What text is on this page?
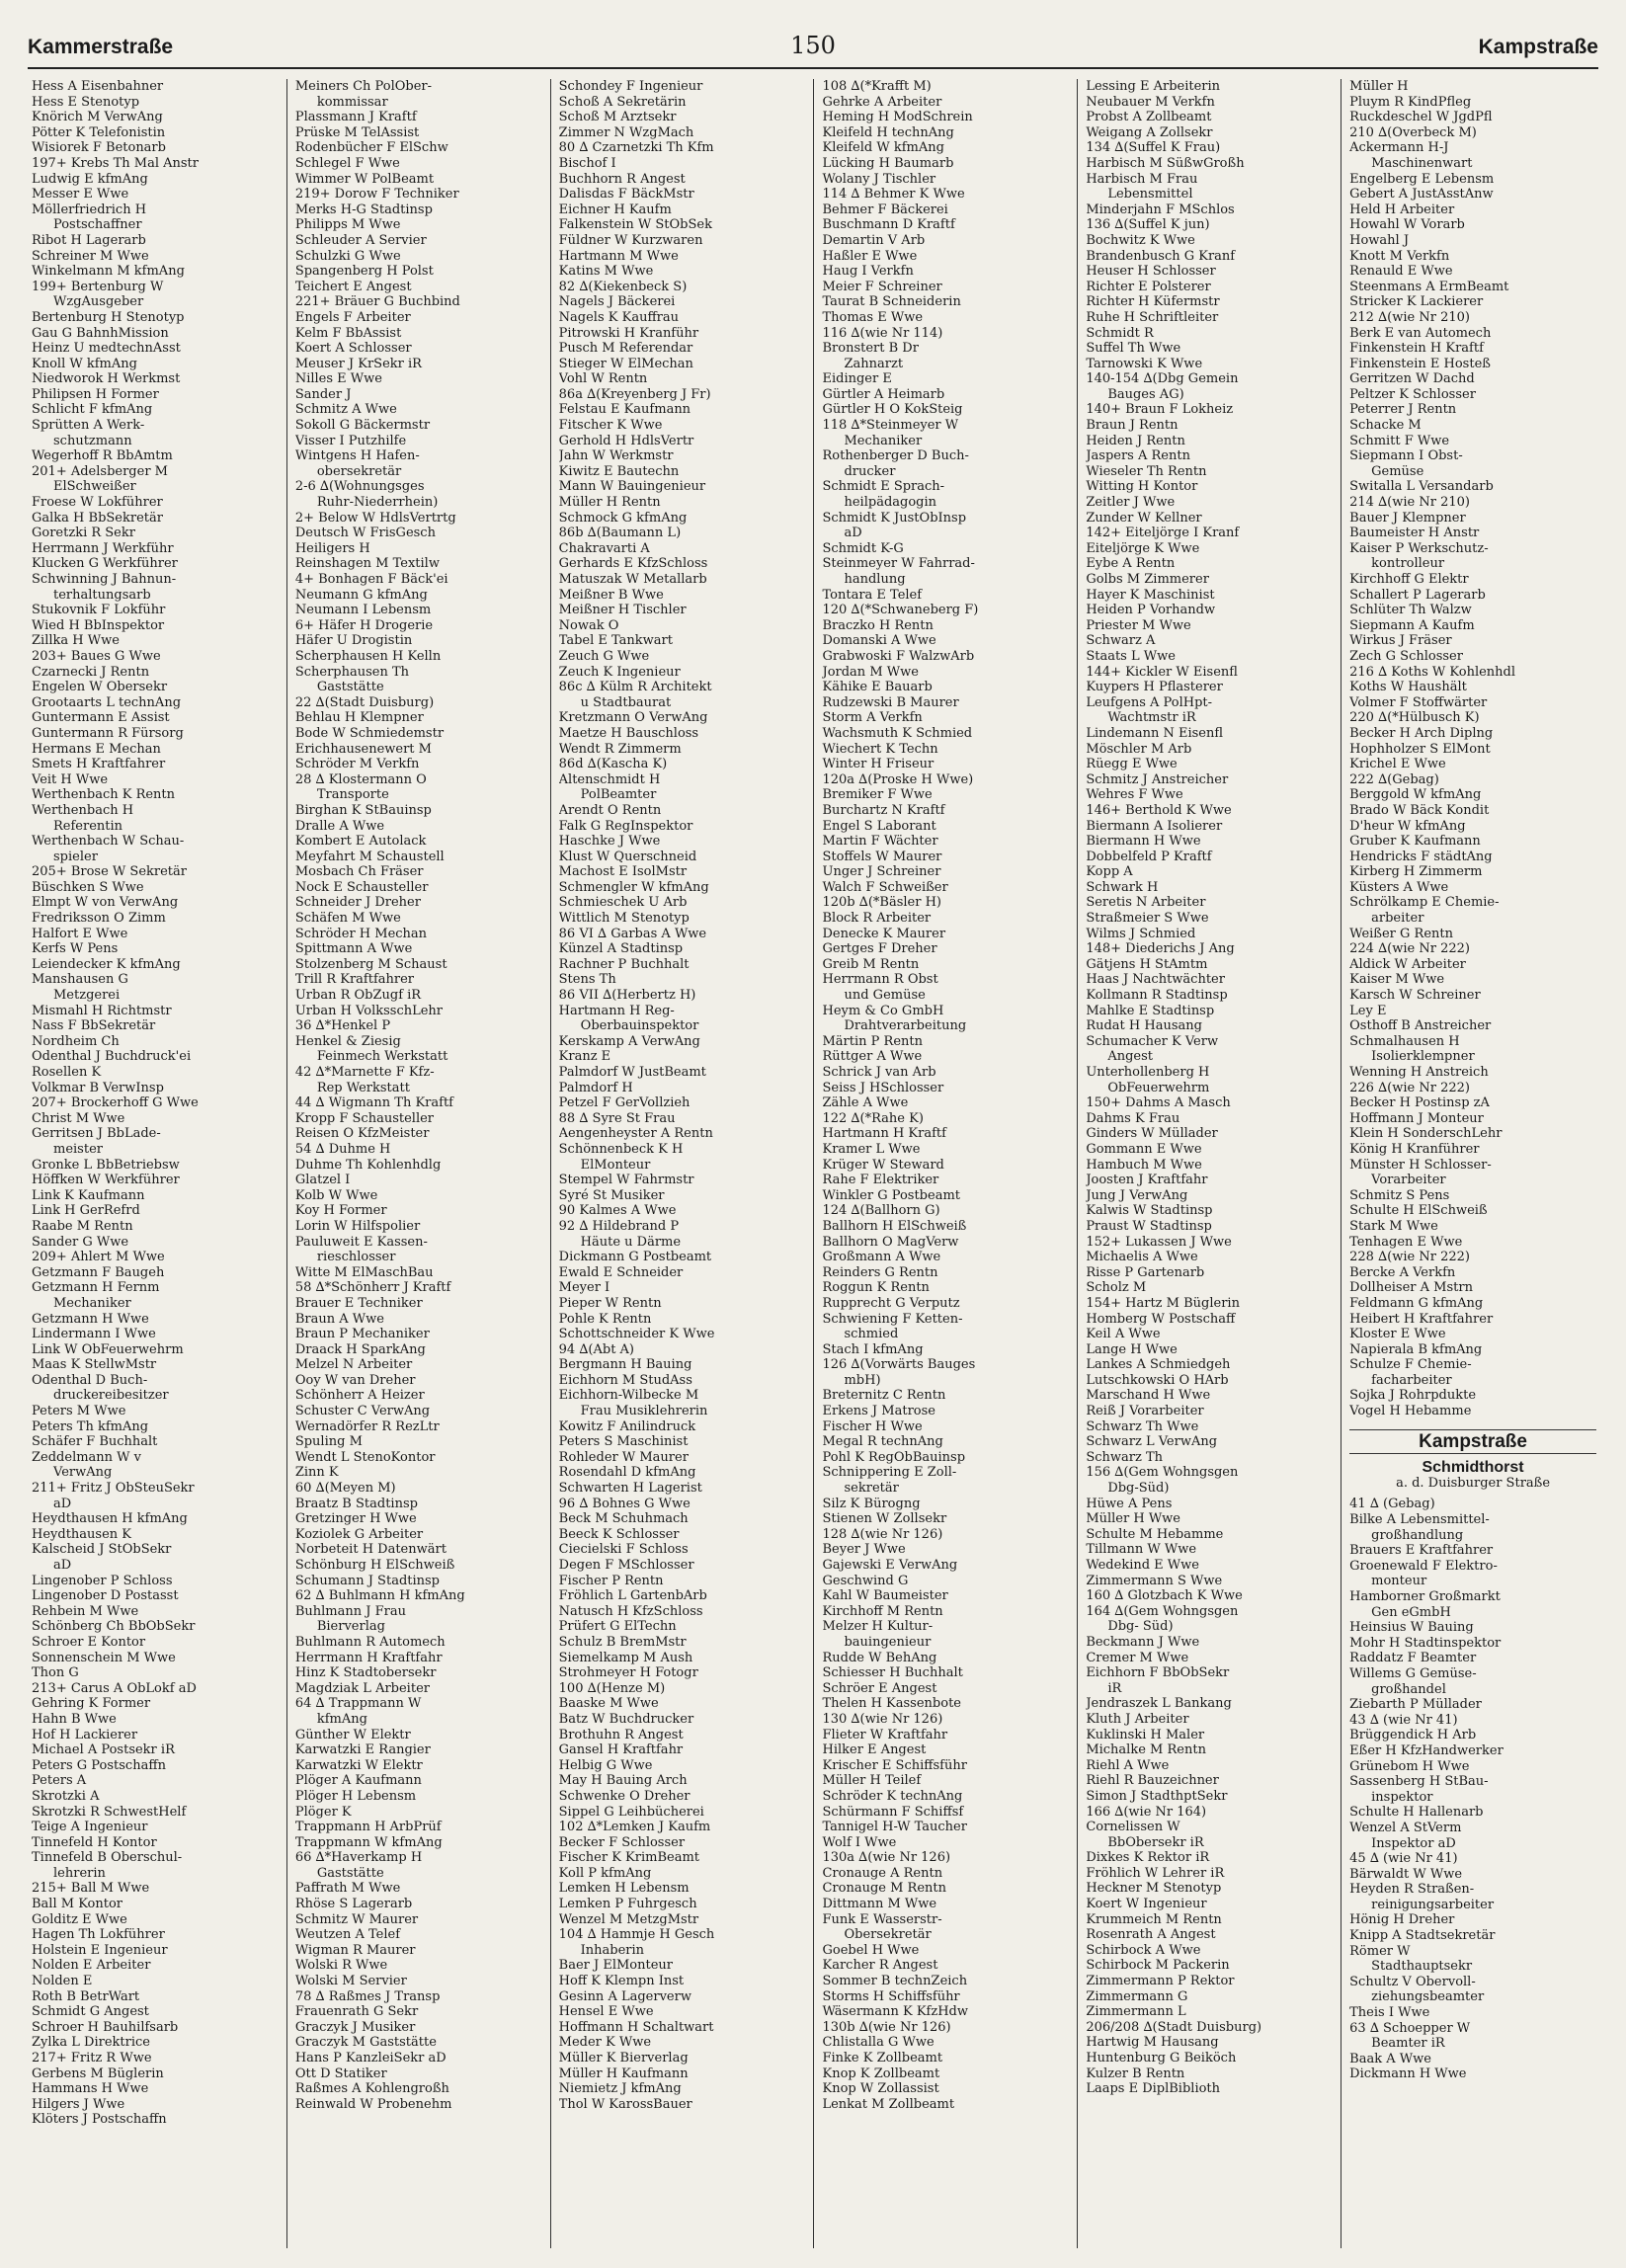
Kammerstraße	150	Kampstraße
Hess A Eisenbahner
Hess E Stenotyp
Knörich M VerwAng
Pötter K Telefonistin
Wisiorek F Betonarb
197+ Krebs Th Mal Anstr
Ludwig E kfmAng
Messer E Wwe
Möllerfriedrich H
Postschaffner
Ribot H Lagerarb
Schreiner M Wwe
Winkelmann M kfmAng
199+ Bertenburg W
WzgAusgeber
Bertenburg H Stenotyp
Gau G BahnhMission
Heinz U medtechnAsst
Knoll W kfmAng
Niedworok H Werkmst
Philipsen H Former
Schlicht F kfmAng
Sprütten A Werk-
schutzmann
Wegerhoff R BbAmtm
201+ Adelsberger M
ElSchweißer
Froese W Lokführer
Galka H BbSekretär
Goretzki R Sekr
Herrmann J Werkführ
Klucken G Werkführer
Schwinning J Bahnun-
terhaltungsarb
Stukovnik F Lokführ
Wied H BbInspektor
Zillka H Wwe
203+ Baues G Wwe
Czarnecki J Rentn
Engelen W Obersekr
Grootaarts L technAng
Guntermann E Assist
Guntermann R Fürsorg
Hermans E Mechan
Smets H Kraftfahrer
Veit H Wwe
Werthenbach K Rentn
Werthenbach H
Referentin
Werthenbach W Schau-
spieler
205+ Brose W Sekretär
Büschken S Wwe
Elmpt W von VerwAng
Fredriksson O Zimm
Halfort E Wwe
Kerfs W Pens
Leiendecker K kfmAng
Manshausen G
Metzgerei
Mismahl H Richtmstr
Nass F BbSekretär
Nordheim Ch
Odenthal J Buchdruck'ei
Rosellen K
Volkmar B VerwInsp
207+ Brockerhoff G Wwe
Christ M Wwe
Gerritsen J BbLade-
meister
Gronke L BbBetriebsw
Höffken W Werkführer
Link K Kaufmann
Link H GerRefrd
Raabe M Rentn
Sander G Wwe
209+ Ahlert M Wwe
Getzmann F Baugeh
Getzmann H Fernm
Mechaniker
Getzmann H Wwe
Lindermann I Wwe
Link W ObFeuerwehrm
Maas K StellwMstr
Odenthal D Buch-
druckereibesitzer
Peters M Wwe
Peters Th kfmAng
Schäfer F Buchhalt
Zeddelmann W v
VerwAng
211+ Fritz J ObSteuSekr
aD
Heydthausen H kfmAng
Heydthausen K
Kalscheid J StObSekr
aD
Lingenober P Schloss
Lingenober D Postasst
Rehbein M Wwe
Schönberg Ch BbObSekr
Schroer E Kontor
Sonnenschein M Wwe
Thon G
213+ Carus A ObLokf aD
Gehring K Former
Hahn B Wwe
Hof H Lackierer
Michael A Postsekr iR
Peters G Postschaffn
Peters A
Skrotzki A
Skrotzki R SchwestHelf
Teige A Ingenieur
Tinnefeld H Kontor
Tinnefeld B Oberschul-
lehrerin
215+ Ball M Wwe
Ball M Kontor
Golditz E Wwe
Hagen Th Lokführer
Holstein E Ingenieur
Nolden E Arbeiter
Nolden E
Roth B BetrWart
Schmidt G Angest
Schroer H Bauhilfsarb
Zylka L Direktrice
217+ Fritz R Wwe
Gerbens M Büglerin
Hammans H Wwe
Hilgers J Wwe
Klöters J Postschaffn
Meiners Ch PolOber-
kommissar
Plassmann J Kraftf
Prüske M TelAssist
Rodenbücher F ElSchw
Schlegel F Wwe
Wimmer W PolBeamt
219+ Dorow F Techniker
Merks H-G Stadtinsp
Philipps M Wwe
Schleuder A Servier
Schulzki G Wwe
Spangenberg H Polst
Teichert E Angest
221+ Bräuer G Buchbind
Engels F Arbeiter
Kelm F BbAssist
Koert A Schlosser
Meuser J KrSekr iR
Nilles E Wwe
Sander J
Schmitz A Wwe
Sokoll G Bäckermstr
Visser I Putzhilfe
Wintgens H Hafen-
obersekretär
2-6 ∆(Wohnungsges
Ruhr-Niederrhein)
2+ Below W HdlsVertrtg
Deutsch W FrisGesch
Heiligers H
Reinshagen M Textilw
4+ Bonhagen F Bäck'ei
Neumann G kfmAng
Neumann I Lebensm
6+ Häfer H Drogerie
Häfer U Drogistin
Scherphausen H Kelln
Scherphausen Th
Gaststätte
22 ∆(Stadt Duisburg)
Behlau H Klempner
Bode W Schmiedemstr
Erichhausenewert M
Schröder M Verkfn
28 ∆ Klostermann O
Transporte
Birghan K StBauinsp
Dralle A Wwe
Kombert E Autolack
Meyfahrt M Schaustell
Mosbach Ch Fräser
Nock E Schausteller
Schneider J Dreher
Schäfen M Wwe
Schröder H Mechan
Spittmann A Wwe
Stolzenberg M Schaust
Trill R Kraftfahrer
Urban R ObZugf iR
Urban H VolksschLehr
36 ∆*Henkel P
Henkel & Ziesig
Feinmech Werkstatt
42 ∆*Marnette F Kfz-
Rep Werkstatt
44 ∆ Wigmann Th Kraftf
Kropp F Schausteller
Reisen O KfzMeister
54 ∆ Duhme H
Duhme Th Kohlenhdlg
Glatzel I
Kolb W Wwe
Koy H Former
Lorin W Hilfspolier
Pauluweit E Kassen-
rieschlosser
Witte M ElMaschBau
58 ∆*Schönherr J Kraftf
Brauer E Techniker
Braun A Wwe
Braun P Mechaniker
Draack H SparkAng
Melzel N Arbeiter
Ooy W van Dreher
Schönherr A Heizer
Schuster C VerwAng
Wernadörfer R RezLtr
Spuling M
Wendt L StenoKontor
Zinn K
60 ∆(Meyen M)
Braatz B Stadtinsp
Gretzinger H Wwe
Koziolek G Arbeiter
Norbeteit H Datenwärt
Schönburg H ElSchweiß
Schumann J Stadtinsp
62 ∆ Buhlmann H kfmAng
Buhlmann J Frau
Bierverlag
Buhlmann R Automech
Herrmann H Kraftfahr
Hinz K Stadtobersekr
Magdziak L Arbeiter
64 ∆ Trappmann W
kfmAng
Günther W Elektr
Karwatzki E Rangier
Karwatzki W Elektr
Plöger A Kaufmann
Plöger H Lebensm
Plöger K
Trappmann H ArbPrüf
Trappmann W kfmAng
66 ∆*Haverkamp H
Gaststätte
Paffrath M Wwe
Rhöse S Lagerarb
Schmitz W Maurer
Weutzen A Telef
Wigman R Maurer
Wolski R Wwe
Wolski M Servier
78 ∆ Raßmes J Transp
Frauenrath G Sekr
Graczyk J Musiker
Graczyk M Gaststätte
Hans P KanzleiSekr aD
Ott D Statiker
Raßmes A Kohlengroßh
Reinwald W Probenehm
Schondey F Ingenieur
Schoß A Sekretärin
Schoß M Arztsekr
Zimmer N WzgMach
80 ∆ Czarnetzki Th Kfm
Bischof I
Buchhorn R Angest
Dalisdas F BäckMstr
Eichner H Kaufm
Falkenstein W StObSek
Füldner W Kurzwaren
Hartmann M Wwe
Katins M Wwe
82 ∆(Kiekenbeck S)
Nagels J Bäckerei
Nagels K Kauffrau
Pitrowski H Kranführ
Pusch M Referendar
Stieger W ElMechan
Vohl W Rentn
86a ∆(Kreyenberg J Fr)
Felstau E Kaufmann
Fitscher K Wwe
Gerhold H HdlsVertr
Jahn W Werkmstr
Kiwitz E Bautechn
Mann W Bauingenieur
Müller H Rentn
Schmock G kfmAng
86b ∆(Baumann L)
Chakravarti A
Gerhards E KfzSchloss
Matuszak W Metallarb
Meißner B Wwe
Meißner H Tischler
Nowak O
Tabel E Tankwart
Zeuch G Wwe
Zeuch K Ingenieur
86c ∆ Külm R Architekt
u Stadtbaurat
Kretzmann O VerwAng
Maetze H Bauschloss
Wendt R Zimmerm
86d ∆(Kascha K)
Altenschmidt H
PolBeamter
Arendt O Rentn
Falk G RegInspektor
Haschke J Wwe
Klust W Querschneid
Machost E IsolMstr
Schmengler W kfmAng
Schmieschek U Arb
Wittlich M Stenotyp
86 VI ∆ Garbas A Wwe
Künzel A Stadtinsp
Rachner P Buchhalt
Stens Th
86 VII ∆(Herbertz H)
Hartmann H Reg-
Oberbauinspektor
Kerskamp A VerwAng
Kranz E
Palmdorf W JustBeamt
Palmdorf H
Petzel F GerVollzieh
88 ∆ Syre St Frau
Aengenheyster A Rentn
Schönnenbeck K H
ElMonteur
Stempel W Fahrmstr
Syré St Musiker
90 Kalmes A Wwe
92 ∆ Hildebrand P
Häute u Därme
Dickmann G Postbeamt
Ewald E Schneider
Meyer I
Pieper W Rentn
Pohle K Rentn
Schottschneider K Wwe
94 ∆(Abt A)
Bergmann H Bauing
Eichhorn M StudAss
Eichhorn-Wilbecke M
Frau Musiklehrerin
Kowitz F Anilindruck
Peters S Maschinist
Rohleder W Maurer
Rosendahl D kfmAng
Schwarten H Lagerist
96 ∆ Bohnes G Wwe
Beck M Schuhmach
Beeck K Schlosser
Ciecielski F Schloss
Degen F MSchlosser
Fischer P Rentn
Fröhlich L GartenbArb
Natusch H KfzSchloss
Prüfert G ElTechn
Schulz B BremMstr
Siemelkamp M Aush
Strohmeyer H Fotogr
100 ∆(Henze M)
Baaske M Wwe
Batz W Buchdrucker
Brothuhn R Angest
Gansel H Kraftfahr
Helbig G Wwe
May H Bauing Arch
Schwenke O Dreher
Sippel G Leihbücherei
102 ∆*Lemken J Kaufm
Becker F Schlosser
Fischer K KrimBeamt
Koll P kfmAng
Lemken H Lebensm
Lemken P Fuhrgesch
Wenzel M MetzgMstr
104 ∆ Hammje H Gesch
Inhaberin
Baer J ElMonteur
Hoff K Klempn Inst
Gesinn A Lagerverw
Hensel E Wwe
Hoffmann H Schaltwart
Meder K Wwe
Müller K Bierverlag
Müller H Kaufmann
Niemietz J kfmAng
Thol W KarossBauer
108 ∆(*Krafft M)
Gehrke A Arbeiter
Heming H ModSchrein
Kleifeld H technAng
Kleifeld W kfmAng
Lücking H Baumarb
Wolany J Tischler
114 ∆ Behmer K Wwe
Behmer F Bäckerei
Buschmann D Kraftf
Demartin V Arb
Haßler E Wwe
Haug I Verkfn
Meier F Schreiner
Taurat B Schneiderin
Thomas E Wwe
116 ∆(wie Nr 114)
Bronstert B Dr
Zahnarzt
Eidinger E
Gürtler A Heimarb
Gürtler H O KokSteig
118 ∆*Steinmeyer W
Mechaniker
Rothenberger D Buch-
drucker
Schmidt E Sprach-
heilpädagogin
Schmidt K JustObInsp
aD
Schmidt K-G
Steinmeyer W Fahrrad-
handlung
Tontara E Telef
120 ∆(*Schwaneberg F)
Braczko H Rentn
Domanski A Wwe
Grabwoski F WalzwArb
Jordan M Wwe
Kähike E Bauarb
Rudzewski B Maurer
Storm A Verkfn
Wachsmuth K Schmied
Wiechert K Techn
Winter H Friseur
120a ∆(Proske H Wwe)
Bremiker F Wwe
Burchartz N Kraftf
Engel S Laborant
Martin F Wächter
Stoffels W Maurer
Unger J Schreiner
Walch F Schweißer
120b ∆(*Bäsler H)
Block R Arbeiter
Denecke K Maurer
Gertges F Dreher
Greib M Rentn
Herrmann R Obst
und Gemüse
Heym & Co GmbH
Drahtverarbeitung
Märtin P Rentn
Rüttger A Wwe
Schrick J van Arb
Seiss J HSchlosser
Zähle A Wwe
122 ∆(*Rahe K)
Hartmann H Kraftf
Kramer L Wwe
Krüger W Steward
Rahe F Elektriker
Winkler G Postbeamt
124 ∆(Ballhorn G)
Ballhorn H ElSchweiß
Ballhorn O MagVerw
Großmann A Wwe
Reinders G Rentn
Roggun K Rentn
Rupprecht G Verputz
Schwiening F Ketten-
schmied
Stach I kfmAng
126 ∆(Vorwärts Bauges
mbH)
Breternitz C Rentn
Erkens J Matrose
Fischer H Wwe
Megal R technAng
Pohl K RegObBauinsp
Schnippering E Zoll-
sekretär
Silz K Bürogng
Stienen W Zollsekr
128 ∆(wie Nr 126)
Beyer J Wwe
Gajewski E VerwAng
Geschwind G
Kahl W Baumeister
Kirchhoff M Rentn
Melzer H Kultur-
bauingenieur
Rudde W BehAng
Schiesser H Buchhalt
Schröer E Angest
Thelen H Kassenbote
130 ∆(wie Nr 126)
Flieter W Kraftfahr
Hilker E Angest
Krischer E Schiffsführ
Müller H Teilef
Schröder K technAng
Schürmann F Schiffsf
Tannigel H-W Taucher
Wolf I Wwe
130a ∆(wie Nr 126)
Cronauge A Rentn
Cronauge M Rentn
Dittmann M Wwe
Funk E Wasserstr-
Obersekretär
Goebel H Wwe
Karcher R Angest
Sommer B technZeich
Storms H Schiffsführ
Wäsermann K KfzHdw
130b ∆(wie Nr 126)
Chlistalla G Wwe
Finke K Zollbeamt
Knop K Zollbeamt
Knop W Zollassist
Lenkat M Zollbeamt
Lessing E Arbeiterin
Neubauer M Verkfn
Probst A Zollbeamt
Weigang A Zollsekr
134 ∆(Suffel K Frau)
Harbisch M SüßwGroßh
Harbisch M Frau
Lebensmittel
Minderjahn F MSchlos
136 ∆(Suffel K jun)
Bochwitz K Wwe
Brandenbusch G Kranf
Heuser H Schlosser
Richter E Polsterer
Richter H Küfermstr
Ruhe H Schriftleiter
Schmidt R
Suffel Th Wwe
Tarnowski K Wwe
140-154 ∆(Dbg Gemein
Bauges AG)
140+ Braun F Lokheiz
Braun J Rentn
Heiden J Rentn
Jaspers A Rentn
Wieseler Th Rentn
Witting H Kontor
Zeitler J Wwe
Zunder W Kellner
142+ Eiteljörge I Kranf
Eiteljörge K Wwe
Eybe A Rentn
Golbs M Zimmerer
Hayer K Maschinist
Heiden P Vorhandw
Priester M Wwe
Schwarz A
Staats L Wwe
144+ Kickler W Eisenfl
Kuypers H Pflasterer
Leufgens A PolHpt-
Wachtmstr iR
Lindemann N Eisenfl
Möschler M Arb
Rüegg E Wwe
Schmitz J Anstreicher
Wehres F Wwe
146+ Berthold K Wwe
Biermann A Isolierer
Biermann H Wwe
Dobbelfeld P Kraftf
Kopp A
Schwark H
Seretis N Arbeiter
Straßmeier S Wwe
Wilms J Schmied
148+ Diederichs J Ang
Gätjens H StAmtm
Haas J Nachtwächter
Kollmann R Stadtinsp
Mahlke E Stadtinsp
Rudat H Hausang
Schumacher K Verw
Angest
Unterhollenberg H
ObFeuerwehrm
150+ Dahms A Masch
Dahms K Frau
Ginders W Müllader
Gommann E Wwe
Hambuch M Wwe
Joosten J Kraftfahr
Jung J VerwAng
Kalwis W Stadtinsp
Praust W Stadtinsp
152+ Lukassen J Wwe
Michaelis A Wwe
Risse P Gartenarb
Scholz M
154+ Hartz M Büglerin
Homberg W Postschaff
Keil A Wwe
Lange H Wwe
Lankes A Schmiedgeh
Lutschkowski O HArb
Marschand H Wwe
Reiß J Vorarbeiter
Schwarz Th Wwe
Schwarz L VerwAng
Schwarz Th
156 ∆(Gem Wohngsgen
Dbg-Süd)
Hüwe A Pens
Müller H Wwe
Schulte M Hebamme
Tillmann W Wwe
Wedekind E Wwe
Zimmermann S Wwe
160 ∆ Glotzbach K Wwe
164 ∆(Gem Wohngsgen
Dbg- Süd)
Beckmann J Wwe
Cremer M Wwe
Eichhorn F BbObSekr
iR
Jendraszek L Bankang
Kluth J Arbeiter
Kuklinski H Maler
Michalke M Rentn
Riehl A Wwe
Riehl R Bauzeichner
Simon J StadthptSekr
166 ∆(wie Nr 164)
Cornelissen W
BbObersekr iR
Dixkes K Rektor iR
Fröhlich W Lehrer iR
Heckner M Stenotyp
Koert W Ingenieur
Krummeich M Rentn
Rosenrath A Angest
Schirbock A Wwe
Schirbock M Packerin
Zimmermann P Rektor
Zimmermann G
Zimmermann L
206/208 ∆(Stadt Duisburg)
Hartwig M Hausang
Huntenburg G Beiköch
Kulzer B Rentn
Laaps E DiplBiblioth
Müller H
Pluym R KindPfleg
Ruckdeschel W JgdPfl
210 ∆(Overbeck M)
Ackermann H-J
Maschinenwart
Engelberg E Lebensm
Gebert A JustAsstAnw
Held H Arbeiter
Howahl W Vorarb
Howahl J
Knott M Verkfn
Renauld E Wwe
Steenmans A ErmBeamt
Stricker K Lackierer
212 ∆(wie Nr 210)
Berk E van Automech
Finkenstein H Kraftf
Finkenstein E Hosteß
Gerritzen W Dachd
Peltzer K Schlosser
Peterrer J Rentn
Schacke M
Schmitt F Wwe
Siepmann I Obst-
Gemüse
Switalla L Versandarb
214 ∆(wie Nr 210)
Bauer J Klempner
Baumeister H Anstr
Kaiser P Werkschutz-
kontrolleur
Kirchhoff G Elektr
Schallert P Lagerarb
Schlüter Th Walzw
Siepmann A Kaufm
Wirkus J Fräser
Zech G Schlosser
216 ∆ Koths W Kohlenhdl
Koths W Haushält
Volmer F Stoffwärter
220 ∆(*Hülbusch K)
Becker H Arch Diplng
Hophholzer S ElMont
Krichel E Wwe
222 ∆(Gebag)
Berggold W kfmAng
Brado W Bäck Kondit
D'heur W kfmAng
Gruber K Kaufmann
Hendricks F städtAng
Kirberg H Zimmerm
Küsters A Wwe
Schrölkamp E Chemie-
arbeiter
Weißer G Rentn
224 ∆(wie Nr 222)
Aldick W Arbeiter
Kaiser M Wwe
Karsch W Schreiner
Ley E
Osthoff B Anstreicher
Schmalhausen H
Isolierklempner
Wenning H Anstreich
226 ∆(wie Nr 222)
Becker H Postinsp zA
Hoffmann J Monteur
Klein H SonderschLehr
König H Kranführer
Münster H Schlosser-
Vorarbeiter
Schmitz S Pens
Schulte H ElSchweiß
Stark M Wwe
Tenhagen E Wwe
228 ∆(wie Nr 222)
Bercke A Verkfn
Dollheiser A Mstrn
Feldmann G kfmAng
Heibert H Kraftfahrer
Kloster E Wwe
Napierala B kfmAng
Schulze F Chemie-
facharbeiter
Sojka J Rohrpdukte
Vogel H Hebamme
Kampstraße
Schmidthorst
a. d. Duisburger Straße
41 ∆ (Gebag)
Bilke A Lebensmittel-
großhandlung
Brauers E Kraftfahrer
Groenewald F Elektro-
monteur
Hamborner Großmarkt
Gen eGmbH
Heinsius W Bauing
Mohr H Stadtinspektor
Raddatz F Beamter
Willems G Gemüse-
großhandel
Ziebarth P Müllader
43 ∆ (wie Nr 41)
Brüggendick H Arb
Eßer H KfzHandwerker
Grünebom H Wwe
Sassenberg H StBau-
inspektor
Schulte H Hallenarb
Wenzel A StVerm
Inspektor aD
45 ∆ (wie Nr 41)
Bärwaldt W Wwe
Heyden R Straßen-
reinigungsarbeiter
Hönig H Dreher
Knipp A Stadtsekretär
Römer W
Stadthauptsekr
Schultz V Obervoll-
ziehungsbeamter
Theis I Wwe
63 ∆ Schoepper W
Beamter iR
Baak A Wwe
Dickmann H Wwe
